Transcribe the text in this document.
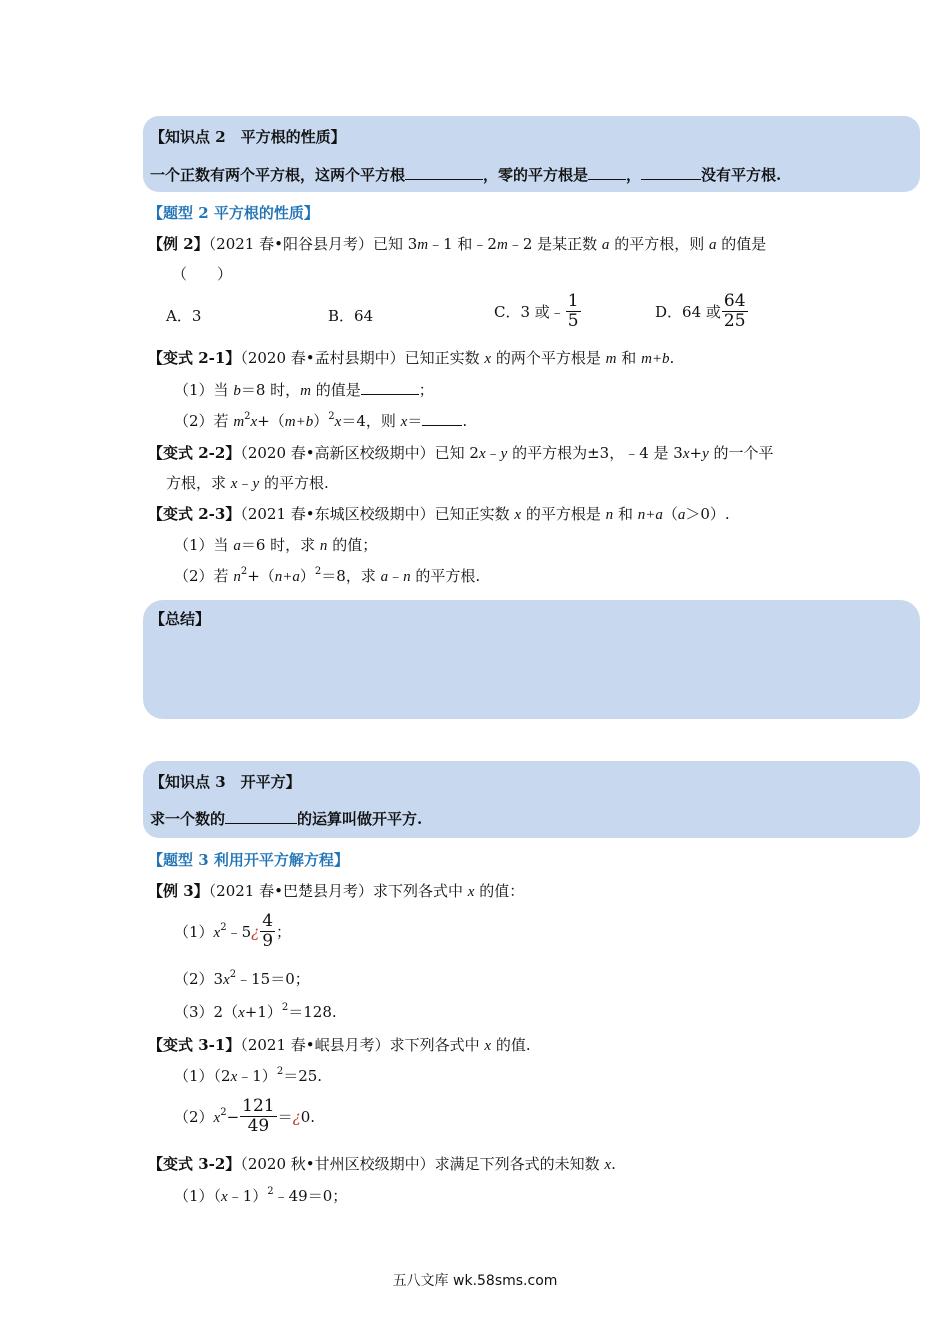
【知识点 2　平方根的性质】
一个正数有两个平方根，这两个平方根	，零的平方根是	，	没有平方根.
【题型 2 平方根的性质】
【例 2】（2021 春•阳谷县月考）已知 3m﹣1 和﹣2m﹣2 是某正数 a 的平方根，则 a 的值是
（　　）
A．3	B．64	C．3 或﹣ $\frac{1}{5}$	D．64 或 $\frac{64}{25}$
【变式 2-1】（2020 春•孟村县期中）已知正实数 x 的两个平方根是 m 和 m+b.
（1）当 b＝8 时，m 的值是	；
（2）若 $m^2x+(m+b)^2x=4$，则 x＝	.
【变式 2-2】（2020 春•高新区校级期中）已知 2x﹣y 的平方根为±3，﹣4 是 3x+y 的一个平
方根，求 x﹣y 的平方根.
【变式 2-3】（2021 春•东城区校级期中）已知正实数 x 的平方根是 n 和 n+a（a＞0）.
（1）当 a＝6 时，求 n 的值；
（2）若 $n^2+(n+a)^2=8$，求 a﹣n 的平方根.
【总结】
【知识点 3　开平方】
求一个数的	的运算叫做开平方.
【题型 3 利用开平方解方程】
【例 3】（2021 春•巴楚县月考）求下列各式中 x 的值：
$(1)x^2﹣5¿ \frac{4}{9}$ ；
$(2)3x^2﹣15=0$；
$(3)2(x+1)^2=128$.
【变式 3-1】（2021 春•岷县月考）求下列各式中 x 的值.
（1）（2x﹣1）$^2$＝25.
$(2)x^2- \frac{121}{49}$ ＝¿0.
【变式 3-2】（2020 秋•甘州区校级期中）求满足下列各式的未知数 x.
（1）（x﹣1）$^2$﹣49＝0；
五八文库 wk.58sms.com
